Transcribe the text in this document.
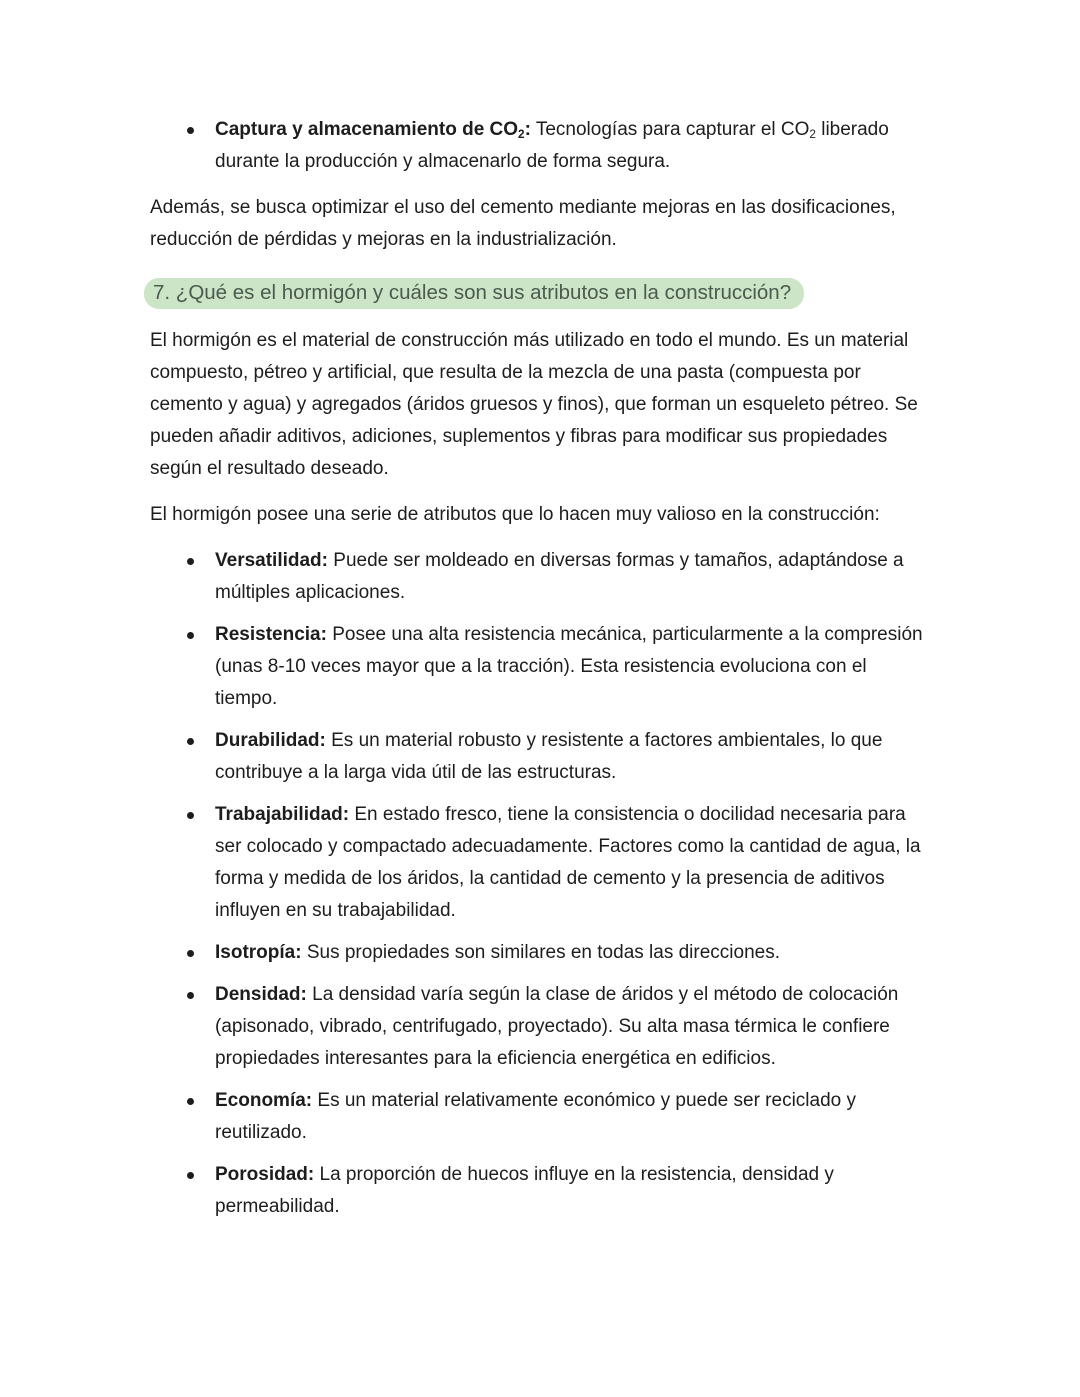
Captura y almacenamiento de $CO_2$: Tecnologías para capturar el $CO_2$ liberado durante la producción y almacenarlo de forma segura.

Además, se busca optimizar el uso del cemento mediante mejoras en las dosificaciones, reducción de pérdidas y mejoras en la industrialización.

7. ¿Qué es el hormigón y cuáles son sus atributos en la construcción?

El hormigón es el material de construcción más utilizado en todo el mundo. Es un material compuesto, pétreo y artificial, que resulta de la mezcla de una pasta (compuesta por cemento y agua) y agregados (áridos gruesos y finos), que forman un esqueleto pétreo. Se pueden añadir aditivos, adiciones, suplementos y fibras para modificar sus propiedades según el resultado deseado.

El hormigón posee una serie de atributos que lo hacen muy valioso en la construcción:

Versatilidad: Puede ser moldeado en diversas formas y tamaños, adaptándose a múltiples aplicaciones.
Resistencia: Posee una alta resistencia mecánica, particularmente a la compresión (unas 8-10 veces mayor que a la tracción). Esta resistencia evoluciona con el tiempo.
Durabilidad: Es un material robusto y resistente a factores ambientales, lo que contribuye a la larga vida útil de las estructuras.
Trabajabilidad: En estado fresco, tiene la consistencia o docilidad necesaria para ser colocado y compactado adecuadamente. Factores como la cantidad de agua, la forma y medida de los áridos, la cantidad de cemento y la presencia de aditivos influyen en su trabajabilidad.
Isotropía: Sus propiedades son similares en todas las direcciones.
Densidad: La densidad varía según la clase de áridos y el método de colocación (apisonado, vibrado, centrifugado, proyectado). Su alta masa térmica le confiere propiedades interesantes para la eficiencia energética en edificios.
Economía: Es un material relativamente económico y puede ser reciclado y reutilizado.
Porosidad: La proporción de huecos influye en la resistencia, densidad y permeabilidad.
